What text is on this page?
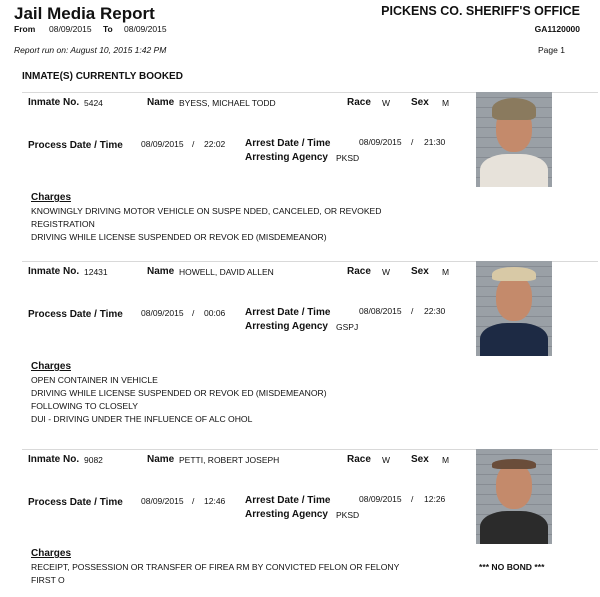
Jail Media Report
From 08/09/2015 To 08/09/2015
PICKENS CO. SHERIFF'S OFFICE
GA1120000
Report run on: August 10, 2015 1:42 PM	Page 1
INMATE(S) CURRENTLY BOOKED
Inmate No. 5424	Name BYESS, MICHAEL TODD	Race W Sex M
Process Date / Time 08/09/2015 / 22:02 Arrest Date / Time	08/09/2015 / 21:30
Arresting Agency PKSD
Charges
KNOWINGLY DRIVING MOTOR VEHICLE ON SUSPE NDED, CANCELED, OR REVOKED
REGISTRATION
DRIVING WHILE LICENSE SUSPENDED OR REVOK ED (MISDEMEANOR)
Inmate No. 12431	Name HOWELL, DAVID ALLEN	Race W Sex M
Process Date / Time 08/09/2015 / 00:06 Arrest Date / Time	08/08/2015 / 22:30
Arresting Agency GSPJ
Charges
OPEN CONTAINER IN VEHICLE
DRIVING WHILE LICENSE SUSPENDED OR REVOK ED (MISDEMEANOR)
FOLLOWING TO CLOSELY
DUI - DRIVING UNDER THE INFLUENCE OF ALC OHOL
Inmate No. 9082	Name PETTI, ROBERT JOSEPH	Race W Sex M
Process Date / Time 08/09/2015 / 12:46 Arrest Date / Time	08/09/2015 / 12:26
Arresting Agency PKSD
Charges
RECEIPT, POSSESSION OR TRANSFER OF FIREA RM BY CONVICTED FELON OR FELONY
FIRST O
*** NO BOND ***
